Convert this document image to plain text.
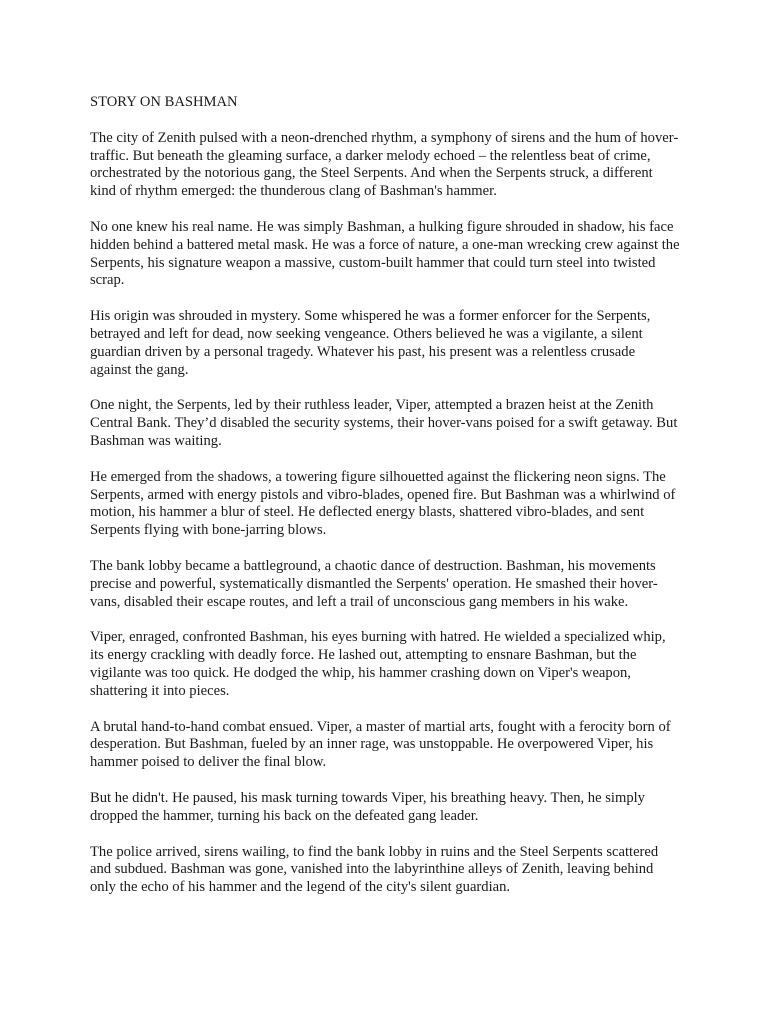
STORY ON BASHMAN

The city of Zenith pulsed with a neon-drenched rhythm, a symphony of sirens and the hum of hover-traffic. But beneath the gleaming surface, a darker melody echoed – the relentless beat of crime, orchestrated by the notorious gang, the Steel Serpents. And when the Serpents struck, a different kind of rhythm emerged: the thunderous clang of Bashman's hammer.

No one knew his real name. He was simply Bashman, a hulking figure shrouded in shadow, his face hidden behind a battered metal mask. He was a force of nature, a one-man wrecking crew against the Serpents, his signature weapon a massive, custom-built hammer that could turn steel into twisted scrap.

His origin was shrouded in mystery. Some whispered he was a former enforcer for the Serpents, betrayed and left for dead, now seeking vengeance. Others believed he was a vigilante, a silent guardian driven by a personal tragedy. Whatever his past, his present was a relentless crusade against the gang.

One night, the Serpents, led by their ruthless leader, Viper, attempted a brazen heist at the Zenith Central Bank. They’d disabled the security systems, their hover-vans poised for a swift getaway. But Bashman was waiting.

He emerged from the shadows, a towering figure silhouetted against the flickering neon signs. The Serpents, armed with energy pistols and vibro-blades, opened fire. But Bashman was a whirlwind of motion, his hammer a blur of steel. He deflected energy blasts, shattered vibro-blades, and sent Serpents flying with bone-jarring blows.

The bank lobby became a battleground, a chaotic dance of destruction. Bashman, his movements precise and powerful, systematically dismantled the Serpents' operation. He smashed their hover-vans, disabled their escape routes, and left a trail of unconscious gang members in his wake.

Viper, enraged, confronted Bashman, his eyes burning with hatred. He wielded a specialized whip, its energy crackling with deadly force. He lashed out, attempting to ensnare Bashman, but the vigilante was too quick. He dodged the whip, his hammer crashing down on Viper's weapon, shattering it into pieces.

A brutal hand-to-hand combat ensued. Viper, a master of martial arts, fought with a ferocity born of desperation. But Bashman, fueled by an inner rage, was unstoppable. He overpowered Viper, his hammer poised to deliver the final blow.

But he didn't. He paused, his mask turning towards Viper, his breathing heavy. Then, he simply dropped the hammer, turning his back on the defeated gang leader.

The police arrived, sirens wailing, to find the bank lobby in ruins and the Steel Serpents scattered and subdued. Bashman was gone, vanished into the labyrinthine alleys of Zenith, leaving behind only the echo of his hammer and the legend of the city's silent guardian.
